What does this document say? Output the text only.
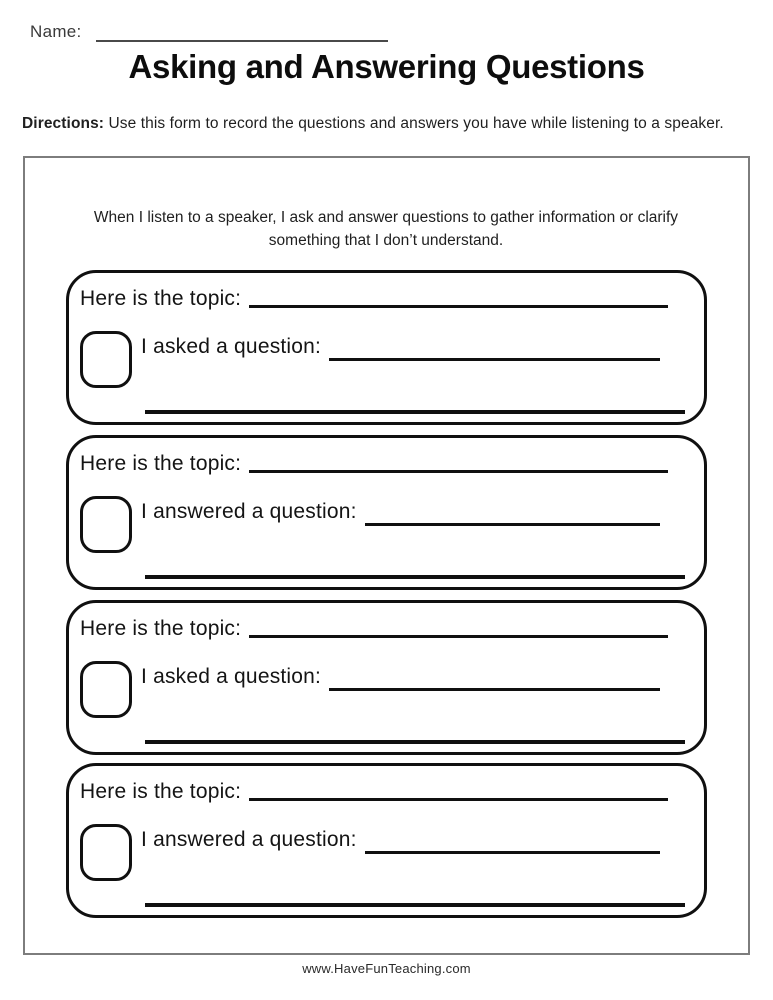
Name:
Asking and Answering Questions
Directions: Use this form to record the questions and answers you have while listening to a speaker.
When I listen to a speaker, I ask and answer questions to gather information or clarify something that I don’t understand.
Here is the topic:
I asked a question:
Here is the topic:
I answered a question:
Here is the topic:
I asked a question:
Here is the topic:
I answered a question:
www.HaveFunTeaching.com
